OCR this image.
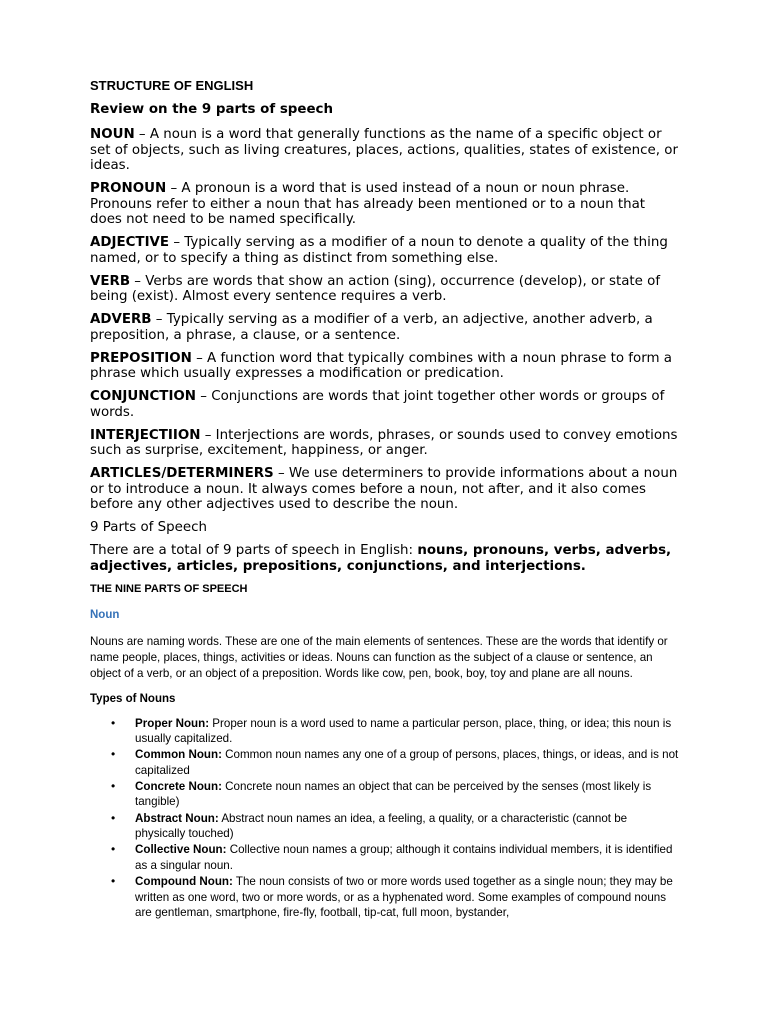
STRUCTURE OF ENGLISH
Review on the 9 parts of speech

NOUN – A noun is a word that generally functions as the name of a specific object or set of objects, such as living creatures, places, actions, qualities, states of existence, or ideas.

PRONOUN – A pronoun is a word that is used instead of a noun or noun phrase. Pronouns refer to either a noun that has already been mentioned or to a noun that does not need to be named specifically.

ADJECTIVE – Typically serving as a modifier of a noun to denote a quality of the thing named, or to specify a thing as distinct from something else.

VERB – Verbs are words that show an action (sing), occurrence (develop), or state of being (exist). Almost every sentence requires a verb.

ADVERB – Typically serving as a modifier of a verb, an adjective, another adverb, a preposition, a phrase, a clause, or a sentence.

PREPOSITION – A function word that typically combines with a noun phrase to form a phrase which usually expresses a modification or predication.

CONJUNCTION – Conjunctions are words that joint together other words or groups of words.

INTERJECTIION – Interjections are words, phrases, or sounds used to convey emotions such as surprise, excitement, happiness, or anger.

ARTICLES/DETERMINERS – We use determiners to provide informations about a noun or to introduce a noun. It always comes before a noun, not after, and it also comes before any other adjectives used to describe the noun.

9 Parts of Speech

There are a total of 9 parts of speech in English: nouns, pronouns, verbs, adverbs, adjectives, articles, prepositions, conjunctions, and interjections.

THE NINE PARTS OF SPEECH
Noun

Nouns are naming words. These are one of the main elements of sentences. These are the words that identify or name people, places, things, activities or ideas. Nouns can function as the subject of a clause or sentence, an object of a verb, or an object of a preposition. Words like cow, pen, book, boy, toy and plane are all nouns.

Types of Nouns
• Proper Noun: Proper noun is a word used to name a particular person, place, thing, or idea; this noun is usually capitalized.
• Common Noun: Common noun names any one of a group of persons, places, things, or ideas, and is not capitalized
• Concrete Noun: Concrete noun names an object that can be perceived by the senses (most likely is tangible)
• Abstract Noun: Abstract noun names an idea, a feeling, a quality, or a characteristic (cannot be physically touched)
• Collective Noun: Collective noun names a group; although it contains individual members, it is identified as a singular noun.
• Compound Noun: The noun consists of two or more words used together as a single noun; they may be written as one word, two or more words, or as a hyphenated word. Some examples of compound nouns are gentleman, smartphone, fire-fly, football, tip-cat, full moon, bystander,
